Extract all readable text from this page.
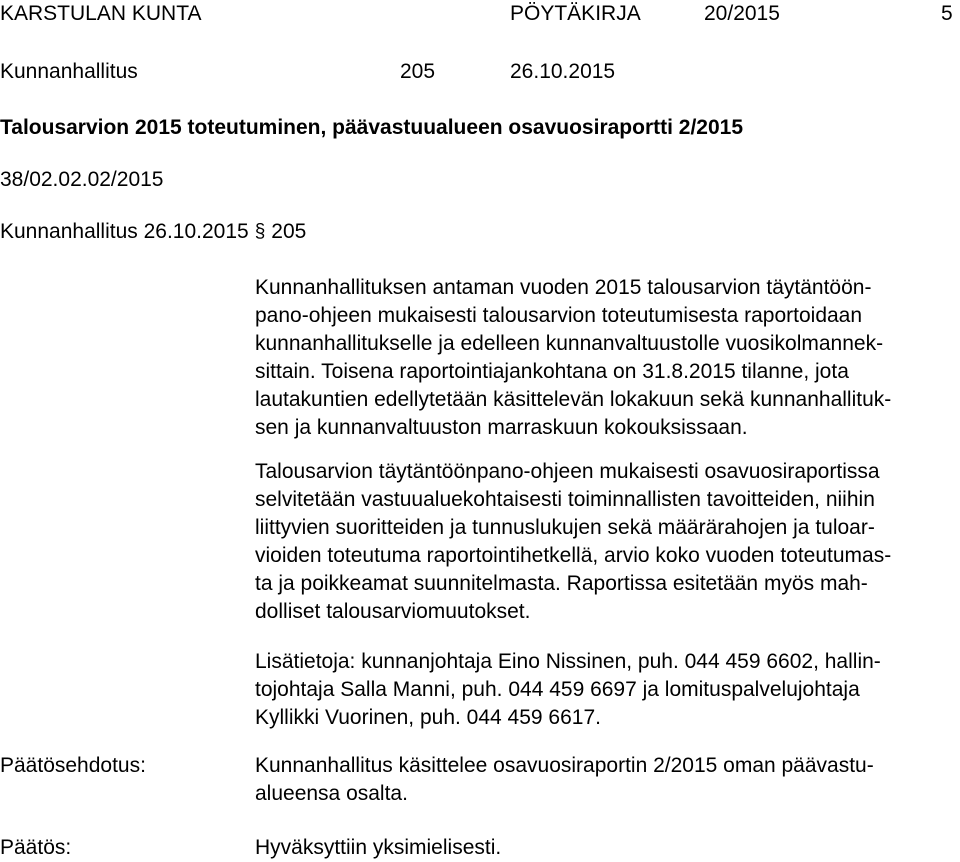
KARSTULAN KUNTA	PÖYTÄKIRJA	20/2015	5
Kunnanhallitus	205	26.10.2015
Talousarvion 2015 toteutuminen, päävastuualueen osavuosiraportti 2/2015
38/02.02.02/2015
Kunnanhallitus 26.10.2015 § 205
Kunnanhallituksen antaman vuoden 2015 talousarvion täytäntöön-
pano-ohjeen mukaisesti talousarvion toteutumisesta raportoidaan
kunnanhallitukselle ja edelleen kunnanvaltuustolle vuosikolmannek-
sittain. Toisena raportointiajankohtana on 31.8.2015 tilanne, jota
lautakuntien edellytetään käsittelevän lokakuun sekä kunnanhallituk-
sen ja kunnanvaltuuston marraskuun kokouksissaan.
Talousarvion täytäntöönpano-ohjeen mukaisesti osavuosiraportissa
selvitetään vastuualuekohtaisesti toiminnallisten tavoitteiden, niihin
liittyvien suoritteiden ja tunnuslukujen sekä määrärahojen ja tuloar-
vioiden toteutuma raportointihetkellä, arvio koko vuoden toteutumas-
ta ja poikkeamat suunnitelmasta. Raportissa esitetään myös mah-
dolliset talousarviomuutokset.
Lisätietoja: kunnanjohtaja Eino Nissinen, puh. 044 459 6602, hallin-
tojohtaja Salla Manni, puh. 044 459 6697 ja lomituspalvelujohtaja
Kyllikki Vuorinen, puh. 044 459 6617.
Päätösehdotus:	Kunnanhallitus käsittelee osavuosiraportin 2/2015 oman päävastu-
alueensa osalta.
Päätös:	Hyväksyttiin yksimielisesti.
